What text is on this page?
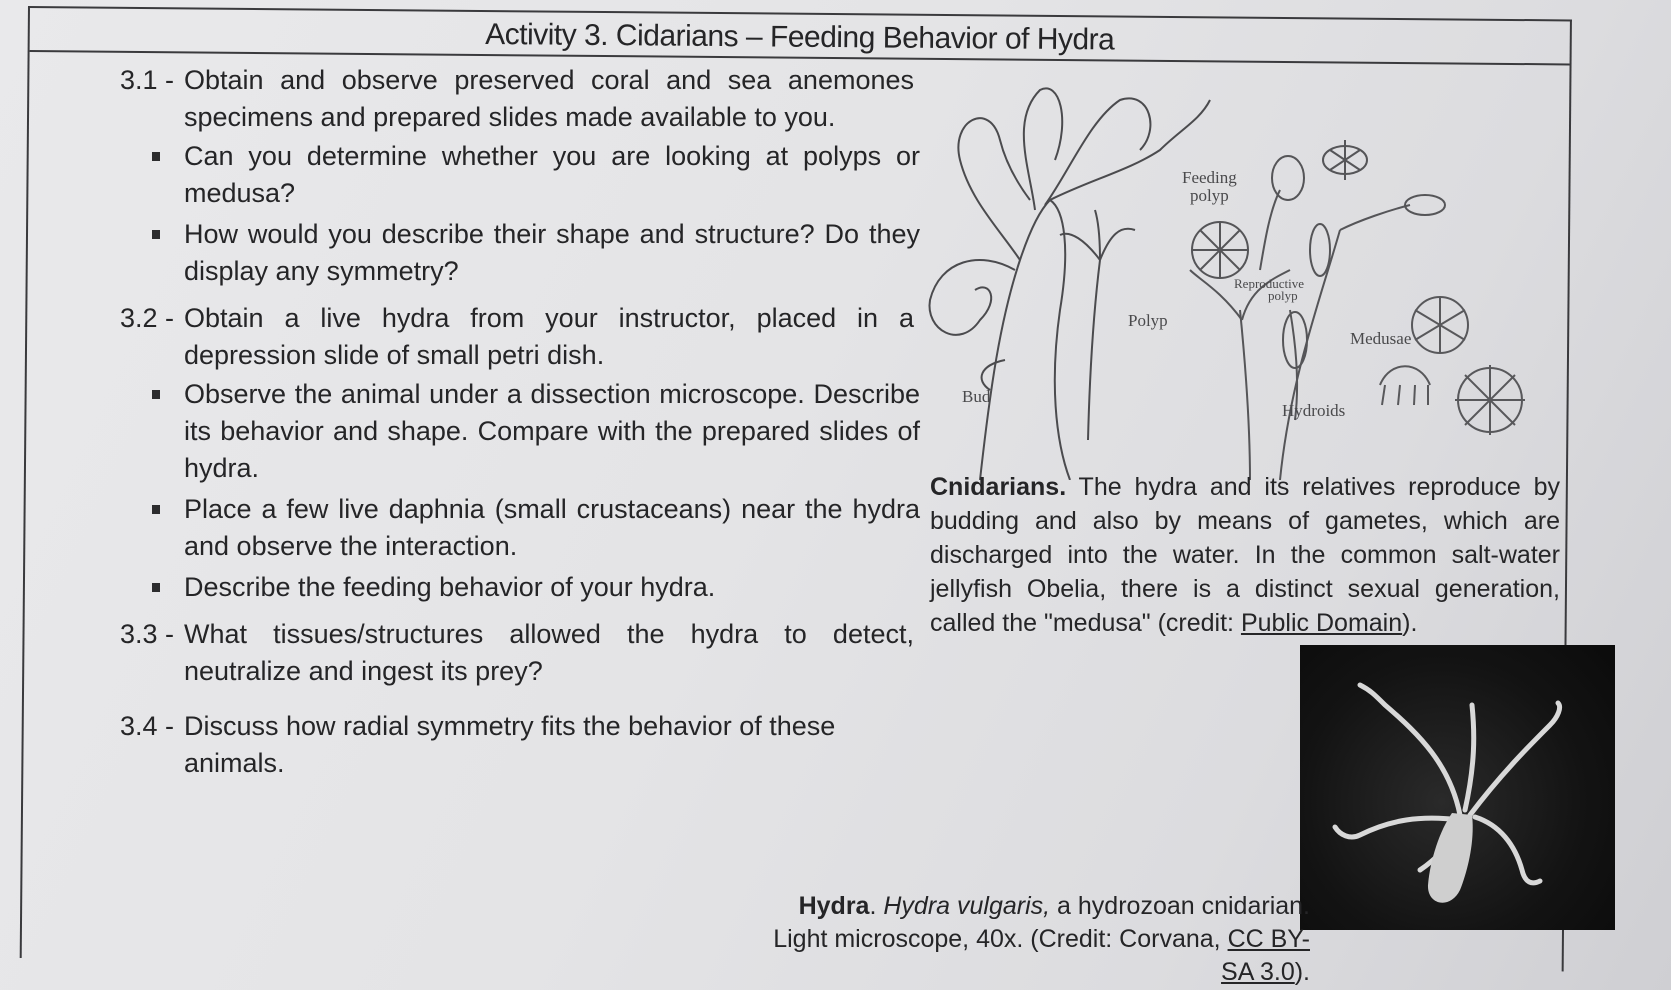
Activity 3. Cidarians – Feeding Behavior of Hydra
3.1 - Obtain and observe preserved coral and sea anemones specimens and prepared slides made available to you.
Can you determine whether you are looking at polyps or medusa?
How would you describe their shape and structure? Do they display any symmetry?
3.2 - Obtain a live hydra from your instructor, placed in a depression slide of small petri dish.
Observe the animal under a dissection microscope. Describe its behavior and shape. Compare with the prepared slides of hydra.
Place a few live daphnia (small crustaceans) near the hydra and observe the interaction.
Describe the feeding behavior of your hydra.
3.3 - What tissues/structures allowed the hydra to detect, neutralize and ingest its prey?
3.4 - Discuss how radial symmetry fits the behavior of these animals.
Feeding
polyp
Reproductive
polyp
Polyp
Medusae
Bud
Hydroids
Cnidarians. The hydra and its relatives reproduce by budding and also by means of gametes, which are discharged into the water. In the common salt-water jellyfish Obelia, there is a distinct sexual generation, called the "medusa" (credit: Public Domain).
Hydra. Hydra vulgaris, a hydrozoan cnidarian. Light microscope, 40x. (Credit: Corvana, CC BY-SA 3.0).
